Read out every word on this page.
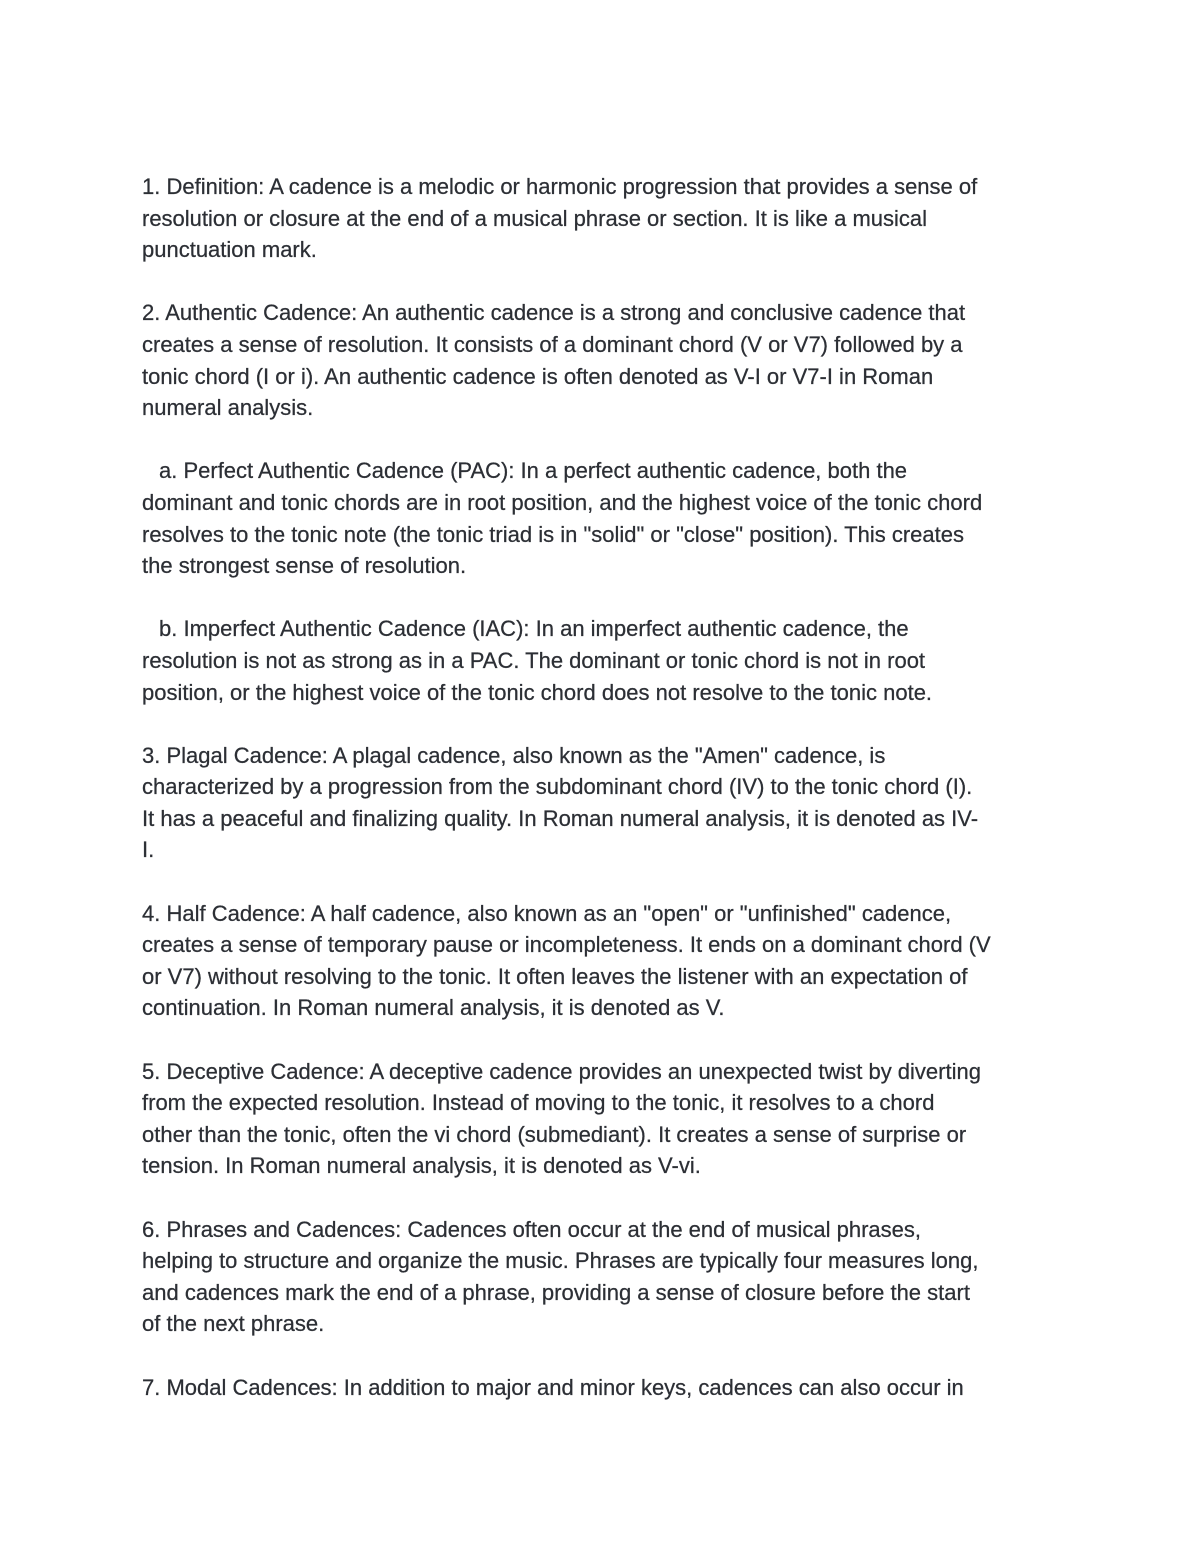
1. Definition: A cadence is a melodic or harmonic progression that provides a sense of
resolution or closure at the end of a musical phrase or section. It is like a musical
punctuation mark.

2. Authentic Cadence: An authentic cadence is a strong and conclusive cadence that
creates a sense of resolution. It consists of a dominant chord (V or V7) followed by a
tonic chord (I or i). An authentic cadence is often denoted as V-I or V7-I in Roman
numeral analysis.

a. Perfect Authentic Cadence (PAC): In a perfect authentic cadence, both the
dominant and tonic chords are in root position, and the highest voice of the tonic chord
resolves to the tonic note (the tonic triad is in "solid" or "close" position). This creates
the strongest sense of resolution.
b. Imperfect Authentic Cadence (IAC): In an imperfect authentic cadence, the
resolution is not as strong as in a PAC. The dominant or tonic chord is not in root
position, or the highest voice of the tonic chord does not resolve to the tonic note.

3. Plagal Cadence: A plagal cadence, also known as the "Amen" cadence, is
characterized by a progression from the subdominant chord (IV) to the tonic chord (I).
It has a peaceful and finalizing quality. In Roman numeral analysis, it is denoted as IV-
I.

4. Half Cadence: A half cadence, also known as an "open" or "unfinished" cadence,
creates a sense of temporary pause or incompleteness. It ends on a dominant chord (V
or V7) without resolving to the tonic. It often leaves the listener with an expectation of
continuation. In Roman numeral analysis, it is denoted as V.

5. Deceptive Cadence: A deceptive cadence provides an unexpected twist by diverting
from the expected resolution. Instead of moving to the tonic, it resolves to a chord
other than the tonic, often the vi chord (submediant). It creates a sense of surprise or
tension. In Roman numeral analysis, it is denoted as V-vi.

6. Phrases and Cadences: Cadences often occur at the end of musical phrases,
helping to structure and organize the music. Phrases are typically four measures long,
and cadences mark the end of a phrase, providing a sense of closure before the start
of the next phrase.

7. Modal Cadences: In addition to major and minor keys, cadences can also occur in
